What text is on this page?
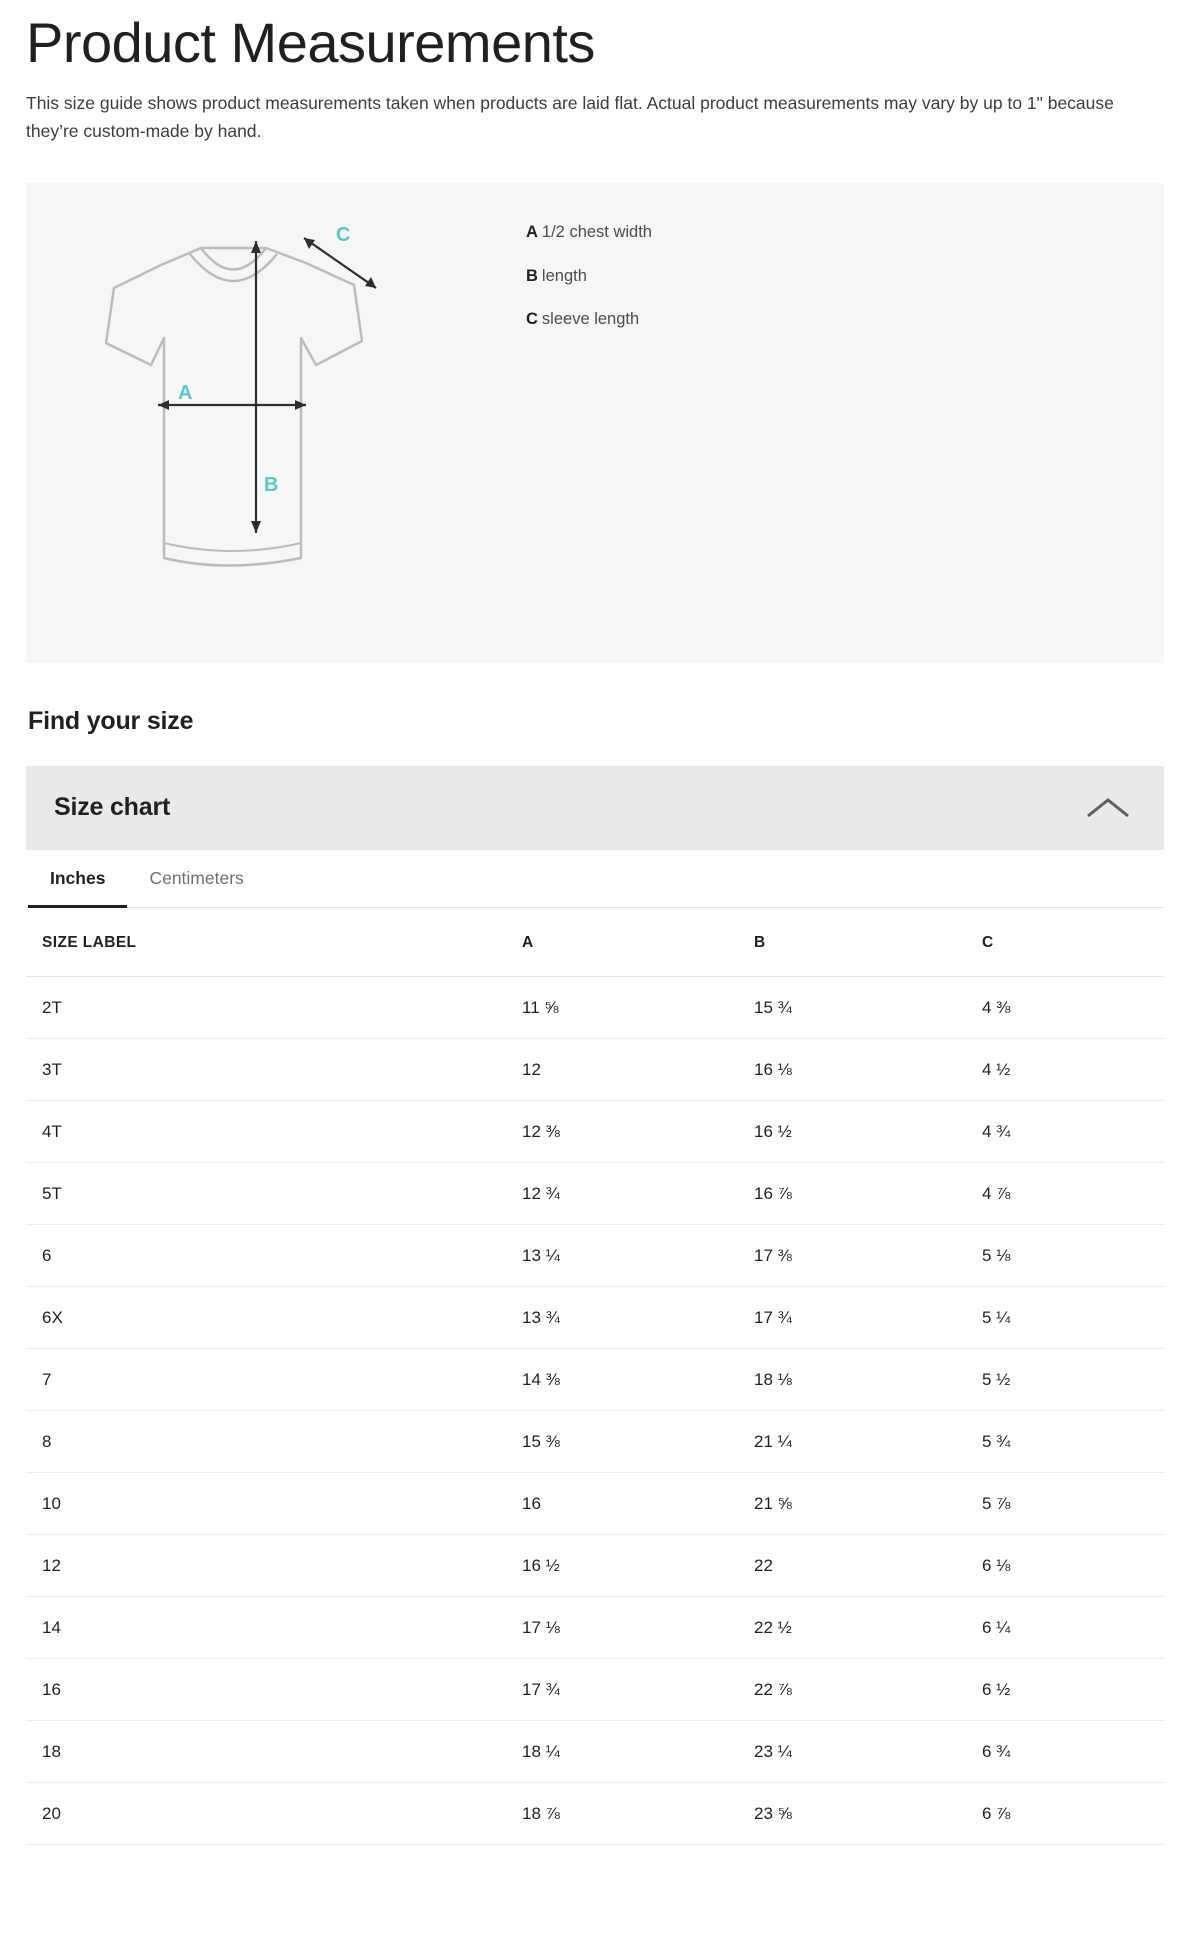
Product Measurements

This size guide shows product measurements taken when products are laid flat. Actual product measurements may vary by up to 1" because they’re custom-made by hand.

A
B
C	A 1/2 chest width
B length
C sleeve length
Find your size
Size chart
Inches	Centimeters
SIZE LABEL	A	B	C
2T	11 ⅝	15 ¾	4 ⅜
3T	12	16 ⅛	4 ½
4T	12 ⅜	16 ½	4 ¾
5T	12 ¾	16 ⅞	4 ⅞
6	13 ¼	17 ⅜	5 ⅛
6X	13 ¾	17 ¾	5 ¼
7	14 ⅜	18 ⅛	5 ½
8	15 ⅜	21 ¼	5 ¾
10	16	21 ⅝	5 ⅞
12	16 ½	22	6 ⅛
14	17 ⅛	22 ½	6 ¼
16	17 ¾	22 ⅞	6 ½
18	18 ¼	23 ¼	6 ¾
20	18 ⅞	23 ⅝	6 ⅞
